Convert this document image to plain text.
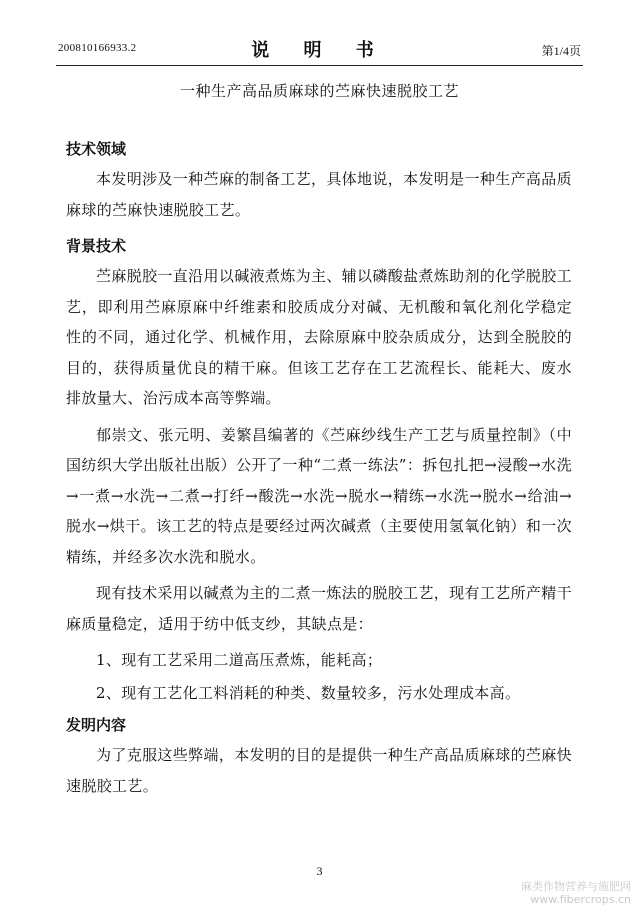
200810166933.2	说 明 书	第1/4页
一种生产高品质麻球的苎麻快速脱胶工艺
技术领域

本发明涉及一种苎麻的制备工艺，具体地说，本发明是一种生产高品质麻球的苎麻快速脱胶工艺。

背景技术

苎麻脱胶一直沿用以碱液煮炼为主、辅以磷酸盐煮炼助剂的化学脱胶工艺，即利用苎麻原麻中纤维素和胶质成分对碱、无机酸和氧化剂化学稳定性的不同，通过化学、机械作用，去除原麻中胶杂质成分，达到全脱胶的目的，获得质量优良的精干麻。但该工艺存在工艺流程长、能耗大、废水排放量大、治污成本高等弊端。

郁崇文、张元明、姜繁昌编著的《苎麻纱线生产工艺与质量控制》（中国纺织大学出版社出版）公开了一种“二煮一练法”：拆包扎把→浸酸→水洗→一煮→水洗→二煮→打纤→酸洗→水洗→脱水→精练→水洗→脱水→给油→脱水→烘干。该工艺的特点是要经过两次碱煮（主要使用氢氧化钠）和一次精练，并经多次水洗和脱水。

现有技术采用以碱煮为主的二煮一炼法的脱胶工艺，现有工艺所产精干麻质量稳定，适用于纺中低支纱，其缺点是：

1、现有工艺采用二道高压煮炼，能耗高；

2、现有工艺化工料消耗的种类、数量较多，污水处理成本高。

发明内容

为了克服这些弊端，本发明的目的是提供一种生产高品质麻球的苎麻快速脱胶工艺。

3
麻类作物营养与施肥网
www.fibercrops.cn
